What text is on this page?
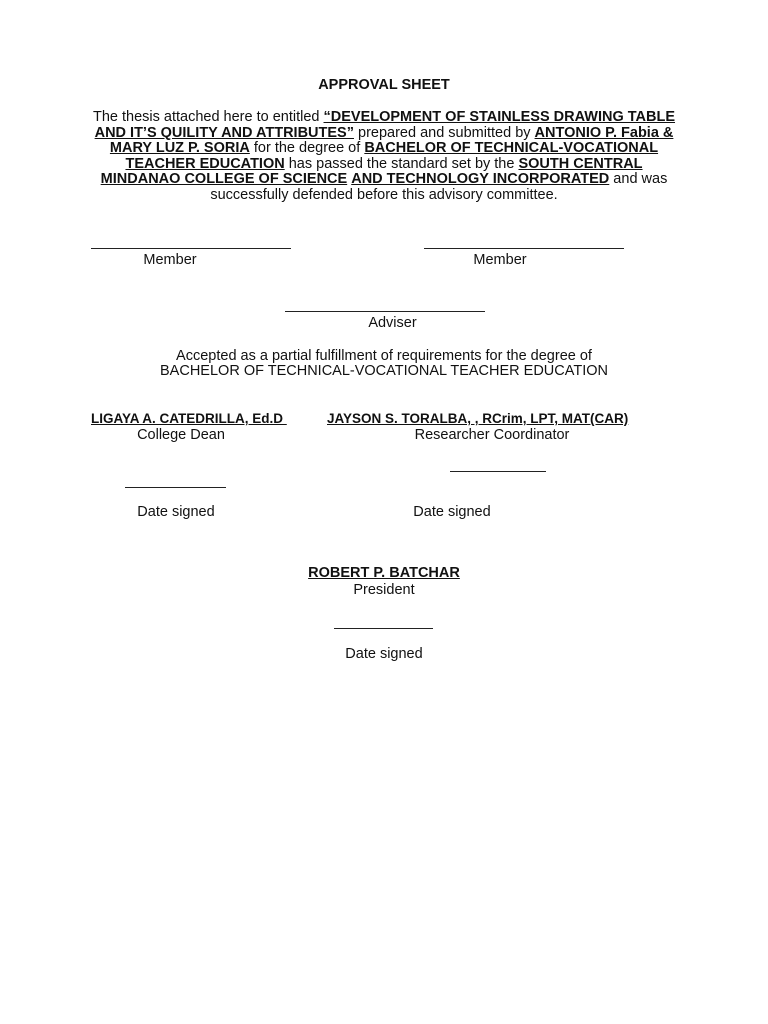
APPROVAL SHEET
The thesis attached here to entitled “DEVELOPMENT OF STAINLESS DRAWING TABLE AND IT’S QUILITY AND ATTRIBUTES” prepared and submitted by ANTONIO P. Fabia & MARY LUZ P. SORIA for the degree of BACHELOR OF TECHNICAL-VOCATIONAL TEACHER EDUCATION has passed the standard set by the SOUTH CENTRAL MINDANAO COLLEGE OF SCIENCE AND TECHNOLOGY INCORPORATED and was successfully defended before this advisory committee.
Member	Member
Adviser
Accepted as a partial fulfillment of requirements for the degree of
BACHELOR OF TECHNICAL-VOCATIONAL TEACHER EDUCATION
LIGAYA A. CATEDRILLA, Ed.D
College Dean
JAYSON S. TORALBA, , RCrim, LPT, MAT(CAR)
Researcher Coordinator
Date signed	Date signed
ROBERT P. BATCHAR
President
Date signed
